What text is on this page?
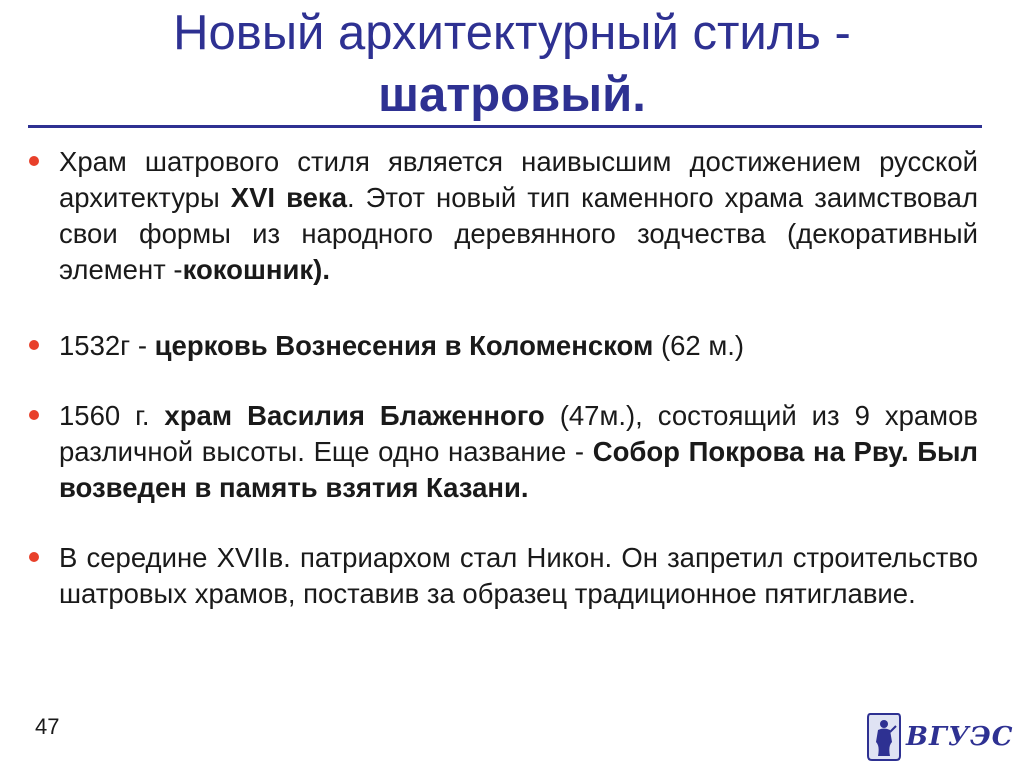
Новый архитектурный стиль -
шатровый.
Храм шатрового стиля является наивысшим достижением русской архитектуры XVI века. Этот новый тип каменного храма заимствовал свои формы из народного деревянного зодчества (декоративный элемент -кокошник).
1532г - церковь Вознесения в Коломенском (62 м.)
1560 г. храм Василия Блаженного (47м.), состоящий из 9 храмов различной высоты. Еще одно название - Собор Покрова на Рву. Был возведен в память взятия Казани.
В середине XVIIв. патриархом стал Никон. Он запретил строительство шатровых храмов, поставив за образец традиционное пятиглавие.
47	ВГУЭС
